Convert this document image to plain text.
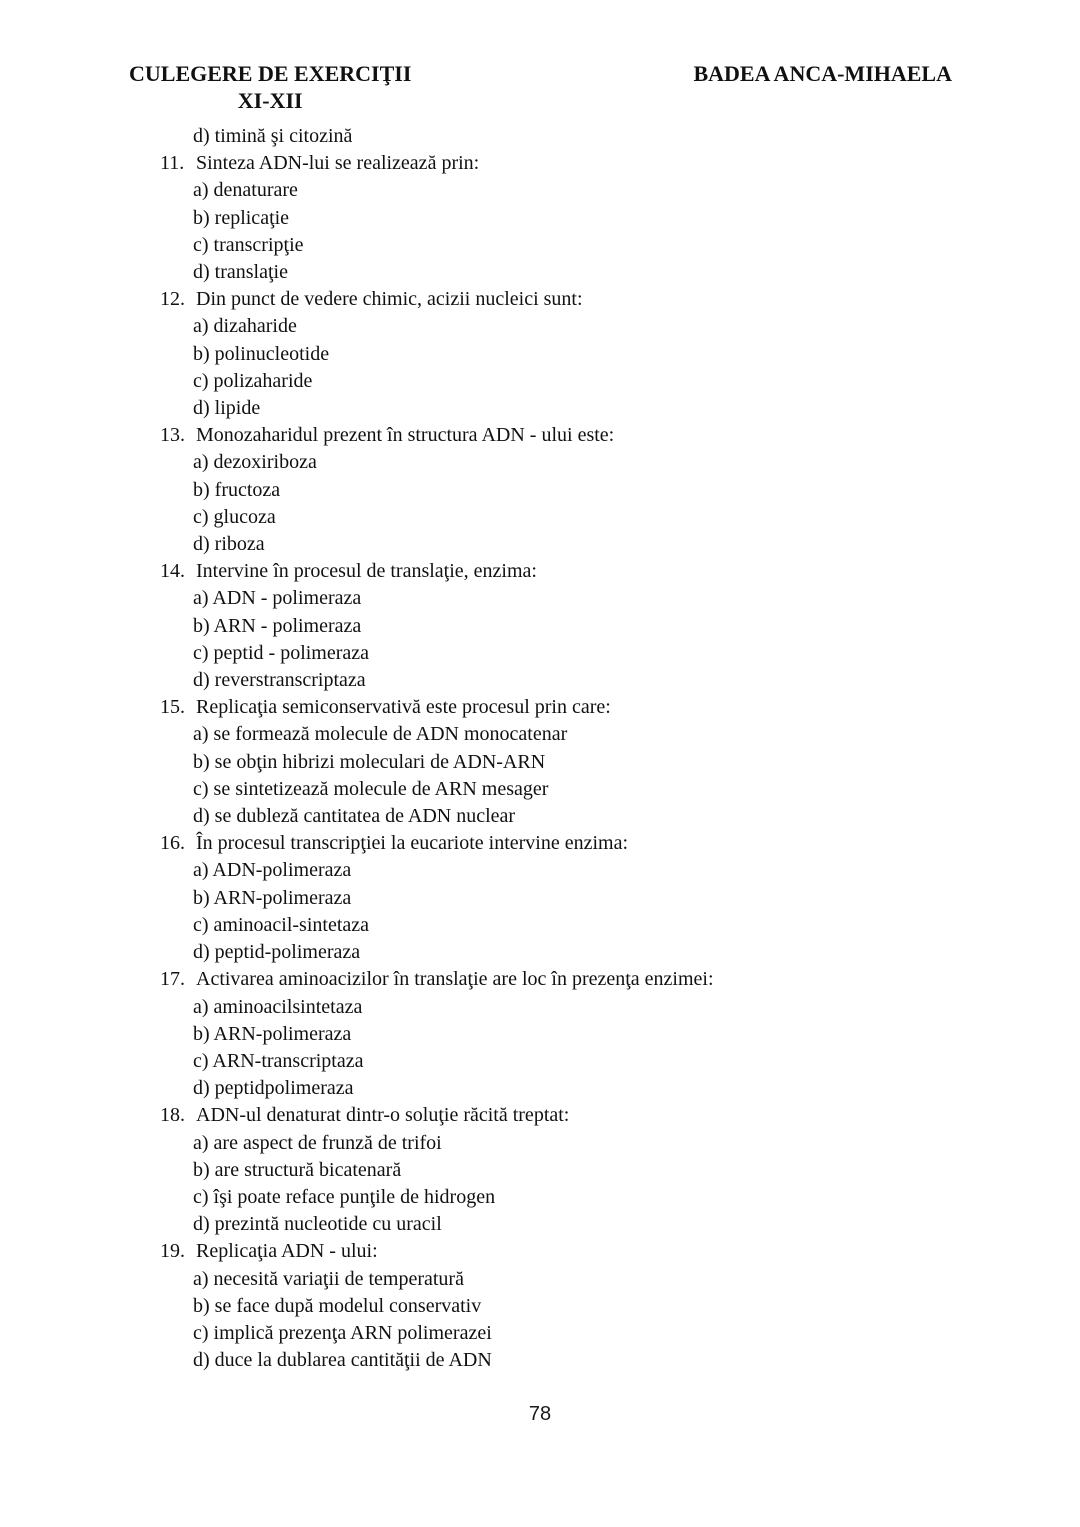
CULEGERE DE EXERCIŢII
XI-XII
BADEA ANCA-MIHAELA
d) timină şi citozină
11. Sinteza ADN-lui se realizează prin:
a) denaturare
b) replicaţie
c) transcripţie
d) translaţie
12. Din punct de vedere chimic, acizii nucleici sunt:
a) dizaharide
b) polinucleotide
c) polizaharide
d) lipide
13. Monozaharidul prezent în structura ADN - ului este:
a) dezoxiriboza
b) fructoza
c) glucoza
d) riboza
14. Intervine în procesul de translaţie, enzima:
a) ADN - polimeraza
b) ARN - polimeraza
c) peptid - polimeraza
d) reverstranscriptaza
15. Replicaţia semiconservativă este procesul prin care:
a) se formează molecule de ADN monocatenar
b) se obţin hibrizi moleculari de ADN-ARN
c) se sintetizează molecule de ARN mesager
d) se dubleză cantitatea de ADN nuclear
16. În procesul transcripţiei la eucariote intervine enzima:
a) ADN-polimeraza
b) ARN-polimeraza
c) aminoacil-sintetaza
d) peptid-polimeraza
17. Activarea aminoacizilor în translaţie are loc în prezenţa enzimei:
a) aminoacilsintetaza
b) ARN-polimeraza
c) ARN-transcriptaza
d) peptidpolimeraza
18. ADN-ul denaturat dintr-o soluţie răcită treptat:
a) are aspect de frunză de trifoi
b) are structură bicatenară
c) îşi poate reface punţile de hidrogen
d) prezintă nucleotide cu uracil
19. Replicaţia ADN - ului:
a) necesită variaţii de temperatură
b) se face după modelul conservativ
c) implică prezenţa ARN polimerazei
d) duce la dublarea cantităţii de ADN
78
